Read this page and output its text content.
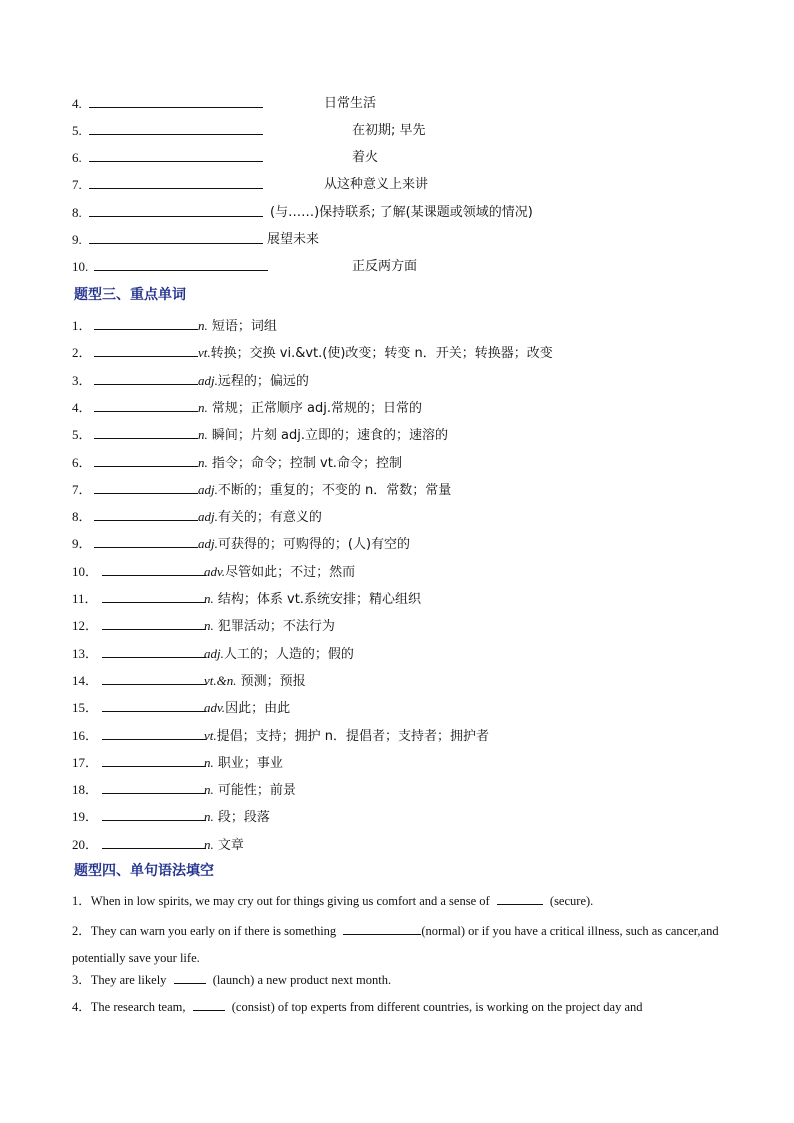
4.	日常生活
5.	在初期; 早先
6.	着火
7.	从这种意义上来讲
8.	(与……)保持联系; 了解(某课题或领域的情况)
9.	展望未来
10.	正反两方面
题型三、重点单词
1．	n. 短语；词组
2．	vt.转换；交换 vi.&vt.(使)改变；转变 n．开关；转换器；改变
3．	adj.远程的；偏远的
4．	n. 常规；正常顺序 adj.常规的；日常的
5．	n. 瞬间；片刻 adj.立即的；速食的；速溶的
6．	n. 指令；命令；控制 vt.命令；控制
7．	adj.不断的；重复的；不变的 n．常数；常量
8．	adj.有关的；有意义的
9．	adj.可获得的；可购得的；(人)有空的
10．	adv.尽管如此；不过；然而
11．	n. 结构；体系 vt.系统安排；精心组织
12．	n. 犯罪活动；不法行为
13．	adj.人工的；人造的；假的
14．	vt.&n. 预测；预报
15．	adv.因此；由此
16．	vt.提倡；支持；拥护 n．提倡者；支持者；拥护者
17．	n. 职业；事业
18．	n. 可能性；前景
19．	n. 段；段落
20．	n. 文章
题型四、单句语法填空
1．When in low spirits, we may cry out for things giving us comfort and a sense of	(secure).
2．They can warn you early on if there is something	(normal) or if you have a critical illness, such as cancer,and potentially save your life.
3．They are likely	(launch) a new product next month.
4．The research team,	(consist) of top experts from different countries, is working on the project day and
